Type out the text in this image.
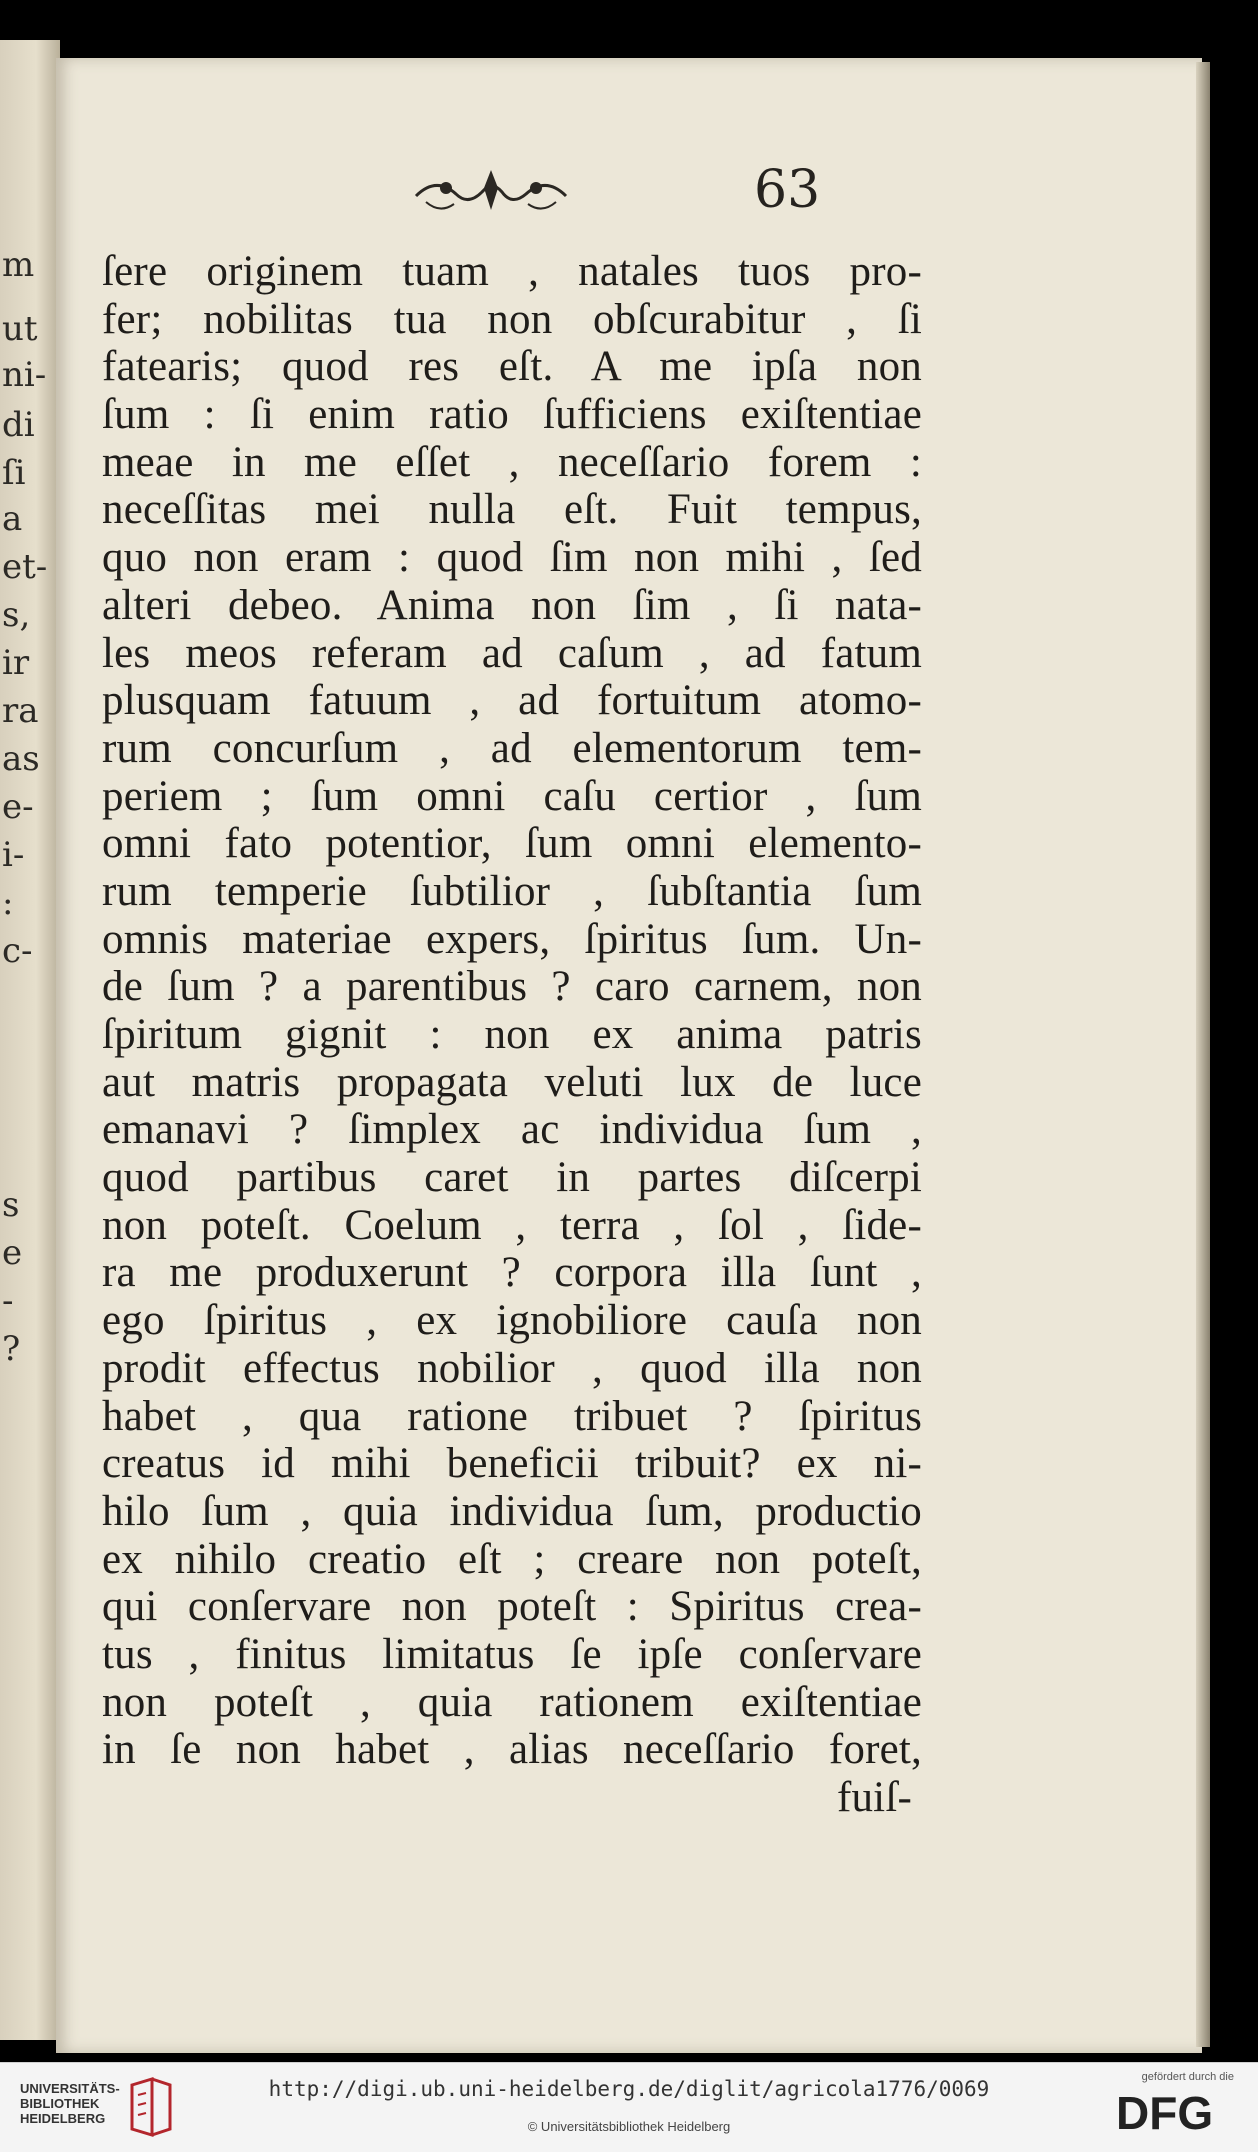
m
ut
ni-
di
ſi
a
et-
s,
ir
ra
as
e-
i-
:
c-
s
e
-
?

63

ſere originem tuam , natales tuos pro-
fer; nobilitas tua non obſcurabitur , ſi
fatearis; quod res eſt. A me ipſa non
ſum : ſi enim ratio ſufficiens exiſtentiae
meae in me eſſet , neceſſario forem :
neceſſitas mei nulla eſt. Fuit tempus,
quo non eram : quod ſim non mihi , ſed
alteri debeo. Anima non ſim , ſi nata-
les meos referam ad caſum , ad fatum
plusquam fatuum , ad fortuitum atomo-
rum concurſum , ad elementorum tem-
periem ; ſum omni caſu certior , ſum
omni fato potentior, ſum omni elemento-
rum temperie ſubtilior , ſubſtantia ſum
omnis materiae expers, ſpiritus ſum. Un-
de ſum ? a parentibus ? caro carnem, non
ſpiritum gignit : non ex anima patris
aut matris propagata veluti lux de luce
emanavi ? ſimplex ac individua ſum ,
quod partibus caret in partes diſcerpi
non poteſt. Coelum , terra , ſol , ſide-
ra me produxerunt ? corpora illa ſunt ,
ego ſpiritus , ex ignobiliore cauſa non
prodit effectus nobilior , quod illa non
habet , qua ratione tribuet ? ſpiritus
creatus id mihi beneficii tribuit? ex ni-
hilo ſum , quia individua ſum, productio
ex nihilo creatio eſt ; creare non poteſt,
qui conſervare non poteſt : Spiritus crea-
tus , finitus limitatus ſe ipſe conſervare
non poteſt , quia rationem exiſtentiae
in ſe non habet , alias neceſſario foret,
fuiſ-
UNIVERSITÄTS-
BIBLIOTHEK
HEIDELBERG
http://digi.ub.uni-heidelberg.de/diglit/agricola1776/0069
© Universitätsbibliothek Heidelberg
gefördert durch die
DFG
